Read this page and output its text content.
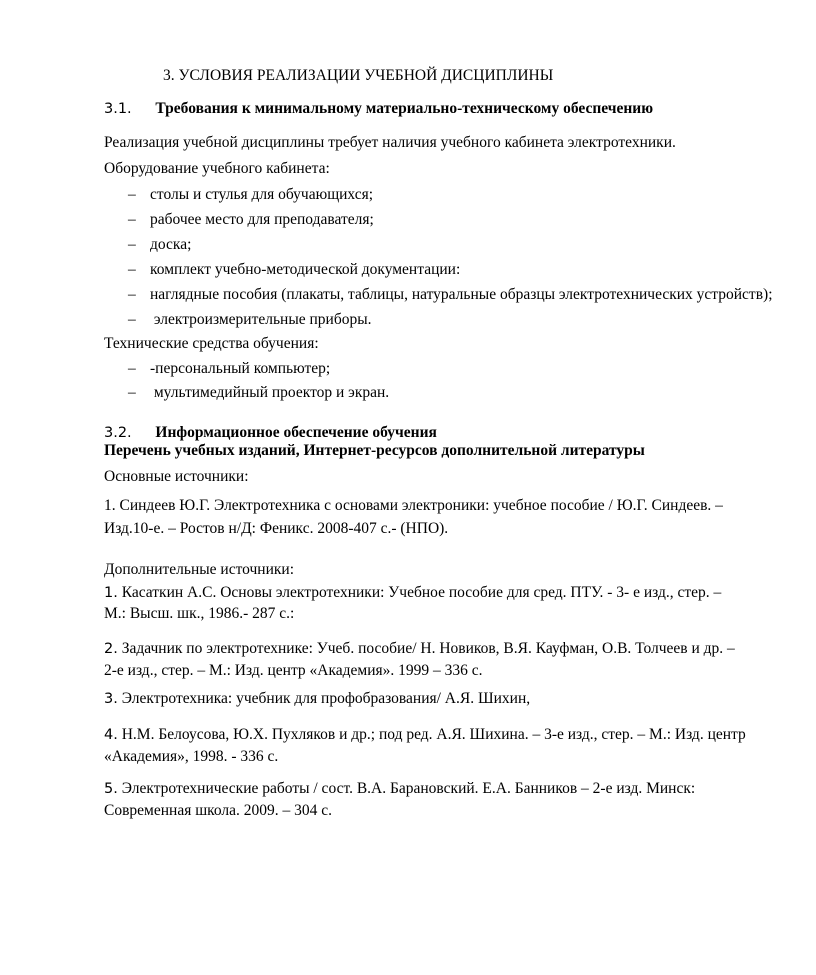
3. УСЛОВИЯ РЕАЛИЗАЦИИ УЧЕБНОЙ ДИСЦИПЛИНЫ
3.1. Требования к минимальному материально-техническому обеспечению
Реализация учебной дисциплины требует наличия учебного кабинета электротехники.
Оборудование учебного кабинета:
– столы и стулья для обучающихся;
– рабочее место для преподавателя;
– доска;
– комплект учебно-методической документации:
– наглядные пособия (плакаты, таблицы, натуральные образцы электротехнических устройств);
– электроизмерительные приборы.
Технические средства обучения:
– -персональный компьютер;
– мультимедийный проектор и экран.
3.2. Информационное обеспечение обучения
Перечень учебных изданий, Интернет-ресурсов дополнительной литературы
Основные источники:
1. Синдеев Ю.Г. Электротехника с основами электроники: учебное пособие / Ю.Г. Синдеев. –
Изд.10-е. – Ростов н/Д: Феникс. 2008-407 с.- (НПО).
Дополнительные источники:
1. Касаткин А.С. Основы электротехники: Учебное пособие для сред. ПТУ. - 3- е изд., стер. –
М.: Высш. шк., 1986.- 287 с.:
2. Задачник по электротехнике: Учеб. пособие/ Н. Новиков, В.Я. Кауфман, О.В. Толчеев и др. –
2-е изд., стер. – М.: Изд. центр «Академия». 1999 – 336 с.
3. Электротехника: учебник для профобразования/ А.Я. Шихин,
4. Н.М. Белоусова, Ю.Х. Пухляков и др.; под ред. А.Я. Шихина. – 3-е изд., стер. – М.: Изд. центр
«Академия», 1998. - 336 с.
5. Электротехнические работы / сост. В.А. Барановский. Е.А. Банников – 2-е изд. Минск:
Современная школа. 2009. – 304 с.
